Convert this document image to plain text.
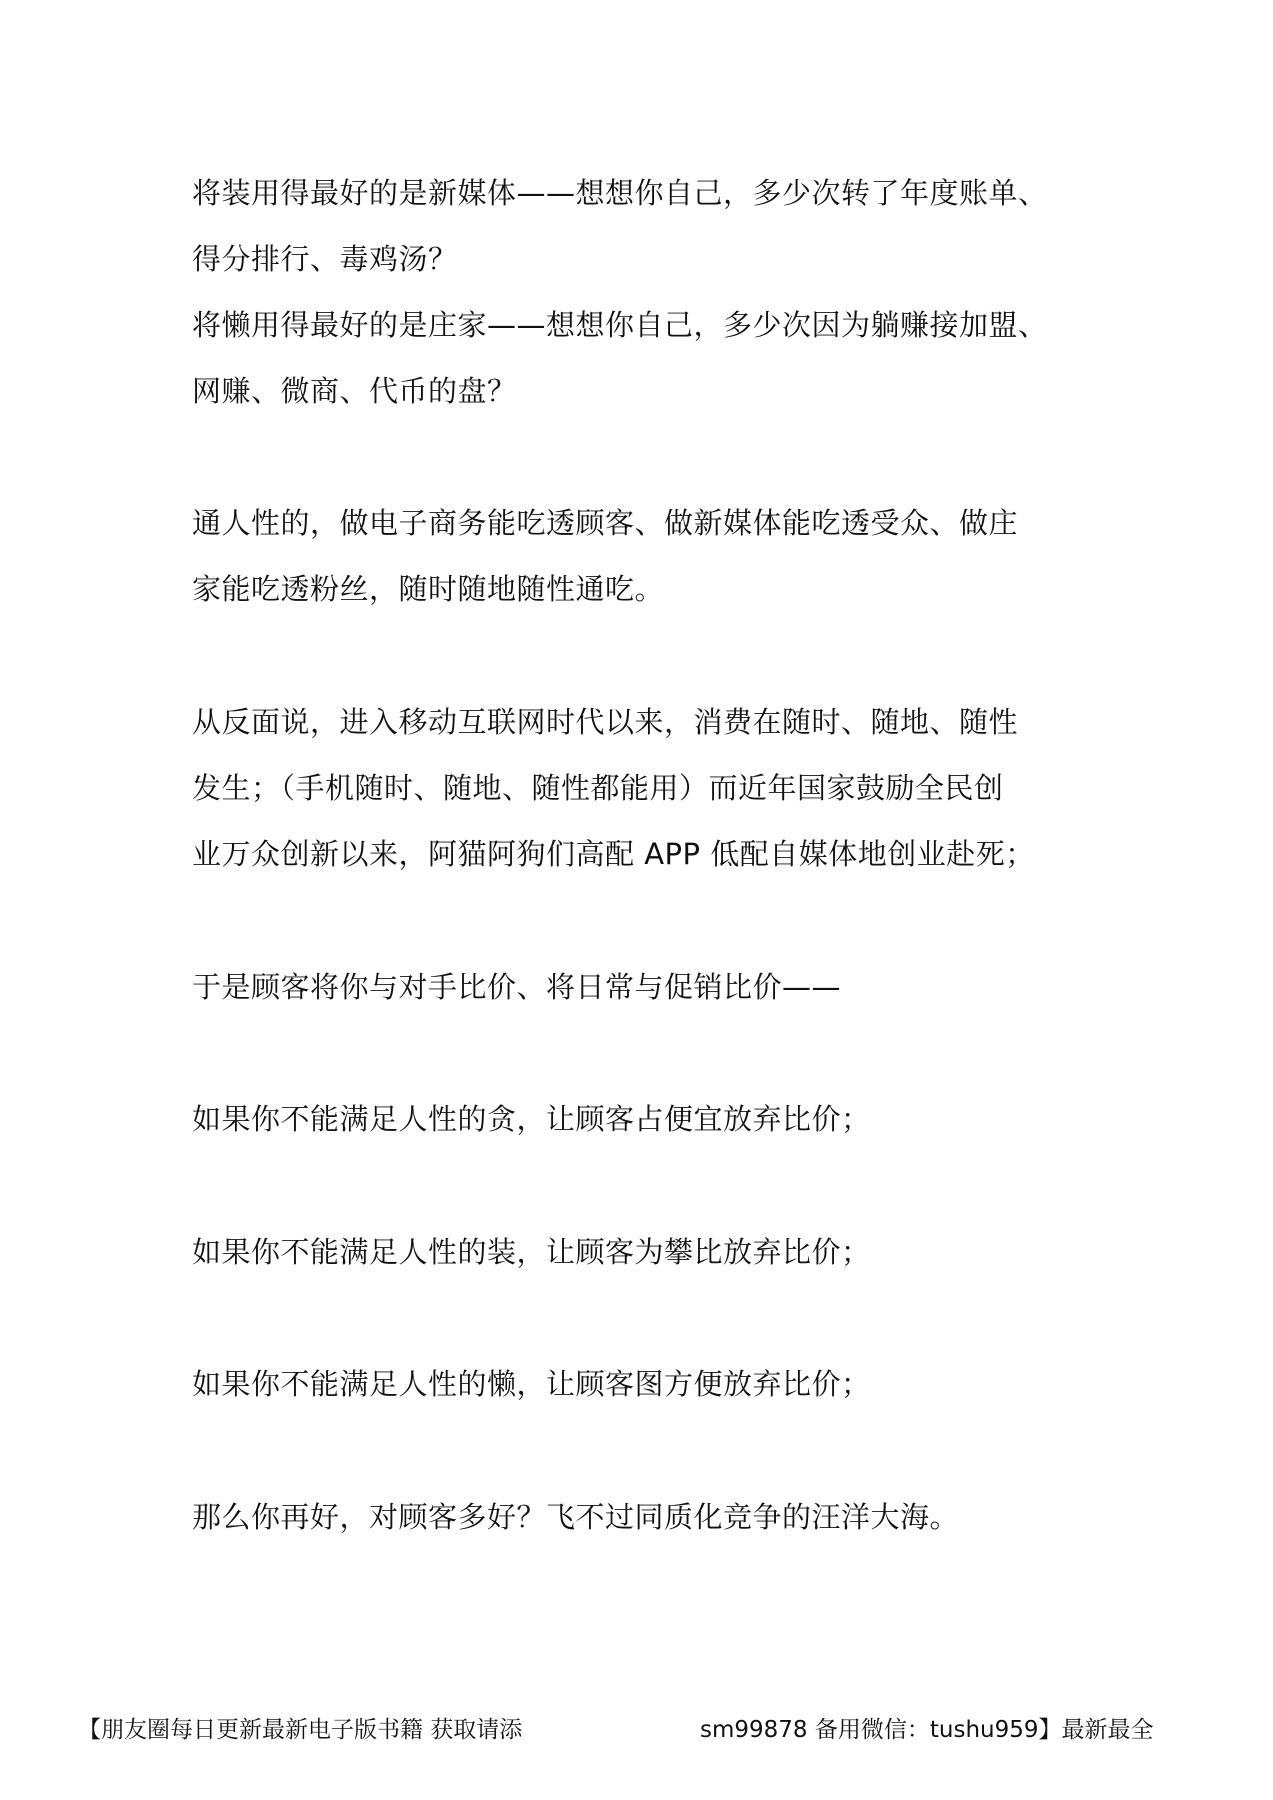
将装用得最好的是新媒体——想想你自己，多少次转了年度账单、
得分排行、毒鸡汤？
将懒用得最好的是庄家——想想你自己，多少次因为躺赚接加盟、
网赚、微商、代币的盘？
通人性的，做电子商务能吃透顾客、做新媒体能吃透受众、做庄
家能吃透粉丝，随时随地随性通吃。
从反面说，进入移动互联网时代以来，消费在随时、随地、随性
发生；（手机随时、随地、随性都能用）而近年国家鼓励全民创
业万众创新以来，阿猫阿狗们高配 APP 低配自媒体地创业赴死；
于是顾客将你与对手比价、将日常与促销比价——
如果你不能满足人性的贪，让顾客占便宜放弃比价；
如果你不能满足人性的装，让顾客为攀比放弃比价；
如果你不能满足人性的懒，让顾客图方便放弃比价；
那么你再好，对顾客多好？飞不过同质化竞争的汪洋大海。
【朋友圈每日更新最新电子版书籍 获取请添	sm99878 备用微信：tushu959】最新最全
